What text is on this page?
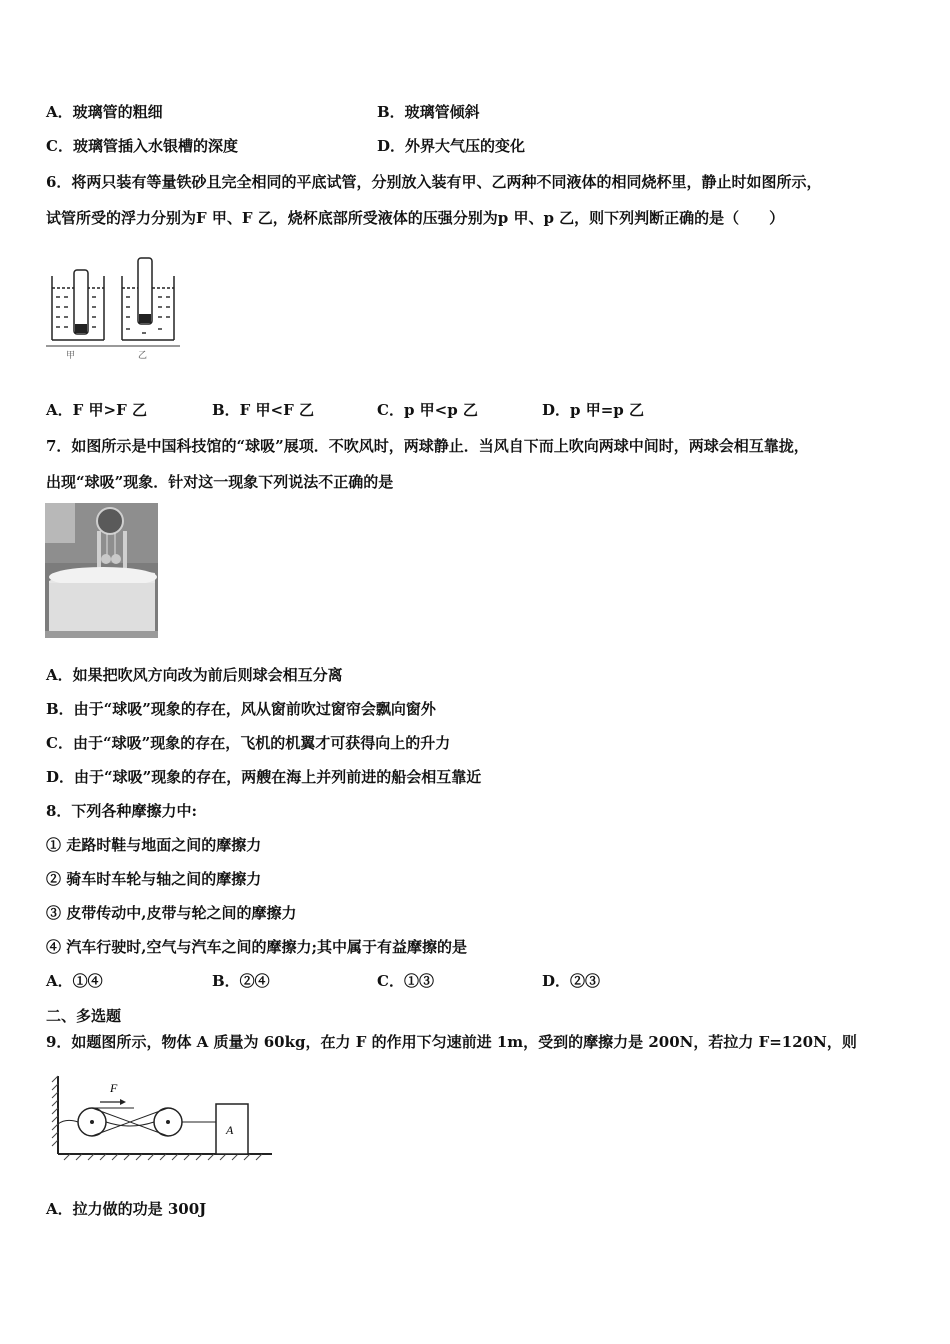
A．玻璃管的粗细	B．玻璃管倾斜
C．玻璃管插入水银槽的深度	D．外界大气压的变化
6．将两只装有等量铁砂且完全相同的平底试管，分别放入装有甲、乙两种不同液体的相同烧杯里，静止时如图所示，
试管所受的浮力分别为F 甲、F 乙，烧杯底部所受液体的压强分别为p 甲、p 乙，则下列判断正确的是（　　）
甲	乙
A．F 甲>F 乙	B．F 甲<F 乙	C．p 甲<p 乙	D．p 甲=p 乙
7．如图所示是中国科技馆的“球吸”展项．不吹风时，两球静止．当风自下而上吹向两球中间时，两球会相互靠拢，
出现“球吸”现象．针对这一现象下列说法不正确的是
A．如果把吹风方向改为前后则球会相互分离
B．由于“球吸”现象的存在，风从窗前吹过窗帘会飘向窗外
C．由于“球吸”现象的存在，飞机的机翼才可获得向上的升力
D．由于“球吸”现象的存在，两艘在海上并列前进的船会相互靠近
8．下列各种摩擦力中:
① 走路时鞋与地面之间的摩擦力
② 骑车时车轮与轴之间的摩擦力
③ 皮带传动中,皮带与轮之间的摩擦力
④ 汽车行驶时,空气与汽车之间的摩擦力;其中属于有益摩擦的是
A．①④	B．②④	C．①③	D．②③
二、多选题
9．如题图所示，物体 A 质量为 60kg，在力 F 的作用下匀速前进 1m，受到的摩擦力是 200N，若拉力 F=120N，则
F
A
A．拉力做的功是 300J
